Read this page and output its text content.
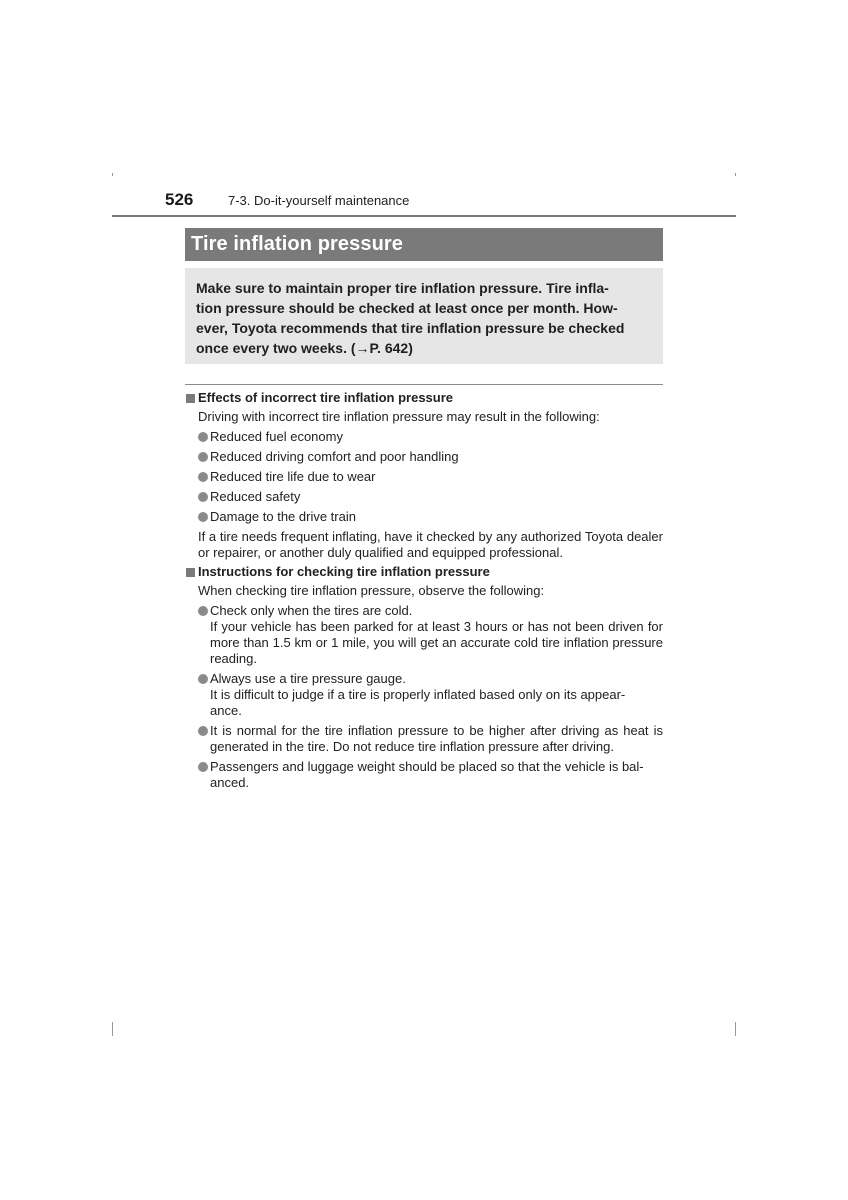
526	7-3. Do-it-yourself maintenance
Tire inflation pressure

Make sure to maintain proper tire inflation pressure. Tire infla-
tion pressure should be checked at least once per month. How-
ever, Toyota recommends that tire inflation pressure be checked
once every two weeks. (→P. 642)

Effects of incorrect tire inflation pressure
Driving with incorrect tire inflation pressure may result in the following:
Reduced fuel economy
Reduced driving comfort and poor handling
Reduced tire life due to wear
Reduced safety
Damage to the drive train
If a tire needs frequent inflating, have it checked by any authorized Toyota dealer or repairer, or another duly qualified and equipped professional.
Instructions for checking tire inflation pressure
When checking tire inflation pressure, observe the following:
Check only when the tires are cold.
If your vehicle has been parked for at least 3 hours or has not been driven for more than 1.5 km or 1 mile, you will get an accurate cold tire inflation pressure reading.
Always use a tire pressure gauge.
It is difficult to judge if a tire is properly inflated based only on its appear-
ance.
It is normal for the tire inflation pressure to be higher after driving as heat is generated in the tire. Do not reduce tire inflation pressure after driving.
Passengers and luggage weight should be placed so that the vehicle is bal-
anced.
